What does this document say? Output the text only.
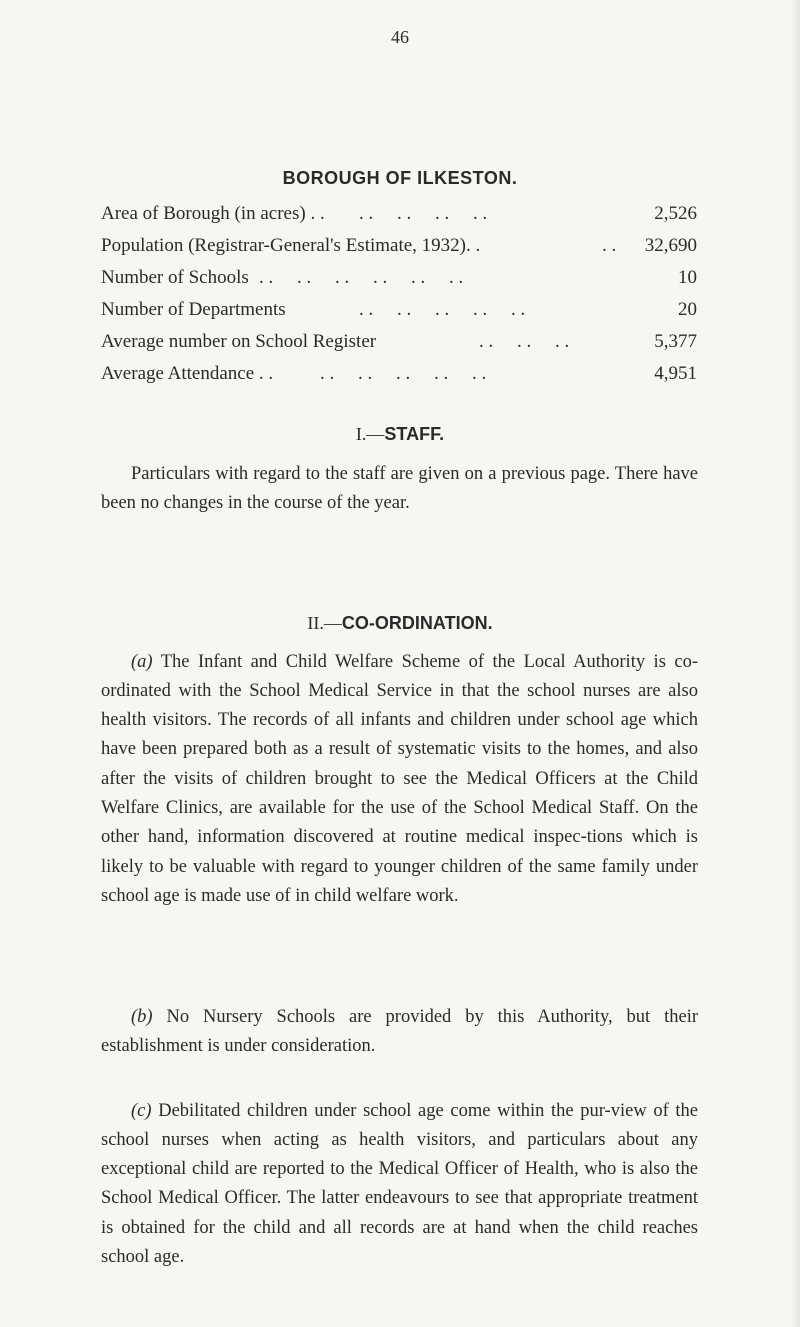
46
BOROUGH OF ILKESTON.
Area of Borough (in acres) . . . .     . .     . .     . .	2,526
Population (Registrar-General's Estimate, 1932). .	. . 32,690
Number of Schools . .     . .     . .     . .     . .     . .	10
Number of Departments	. .     . .     . .     . .     . .	20
Average number on School Register	. .     . .     . .	5,377
Average Attendance . . . .     . .     . .     . .     . .	4,951
I.—STAFF.

Particulars with regard to the staff are given on a previous page. There have been no changes in the course of the year.

II.—CO-ORDINATION.

(a) The Infant and Child Welfare Scheme of the Local Authority is co-ordinated with the School Medical Service in that the school nurses are also health visitors. The records of all infants and children under school age which have been prepared both as a result of systematic visits to the homes, and also after the visits of children brought to see the Medical Officers at the Child Welfare Clinics, are available for the use of the School Medical Staff. On the other hand, information discovered at routine medical inspec-tions which is likely to be valuable with regard to younger children of the same family under school age is made use of in child welfare work.

(b) No Nursery Schools are provided by this Authority, but their establishment is under consideration.

(c) Debilitated children under school age come within the pur-view of the school nurses when acting as health visitors, and particulars about any exceptional child are reported to the Medical Officer of Health, who is also the School Medical Officer. The latter endeavours to see that appropriate treatment is obtained for the child and all records are at hand when the child reaches school age.
